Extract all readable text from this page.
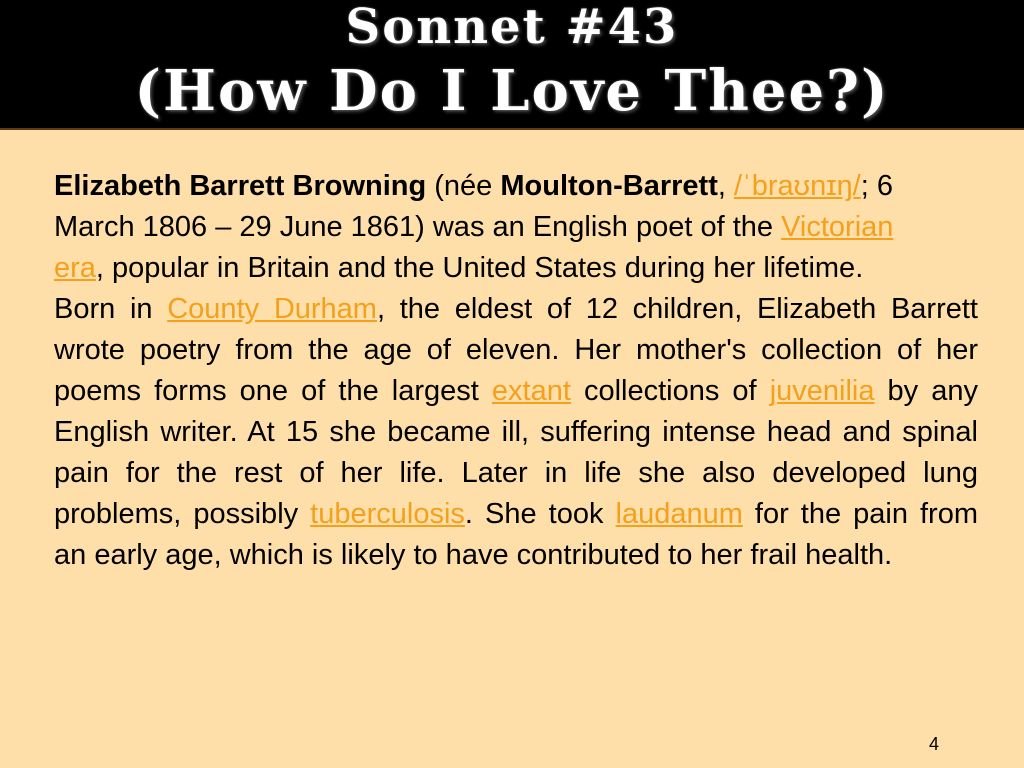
Sonnet #43
(How Do I Love Thee?)

Elizabeth Barrett Browning (née Moulton-Barrett, /ˈbraʊnɪŋ/; 6 March 1806 – 29 June 1861) was an English poet of the Victorian era, popular in Britain and the United States during her lifetime.

Born in County Durham, the eldest of 12 children, Elizabeth Barrett wrote poetry from the age of eleven. Her mother's collection of her poems forms one of the largest extant collections of juvenilia by any English writer. At 15 she became ill, suffering intense head and spinal pain for the rest of her life. Later in life she also developed lung problems, possibly tuberculosis. She took laudanum for the pain from an early age, which is likely to have contributed to her frail health.

4
